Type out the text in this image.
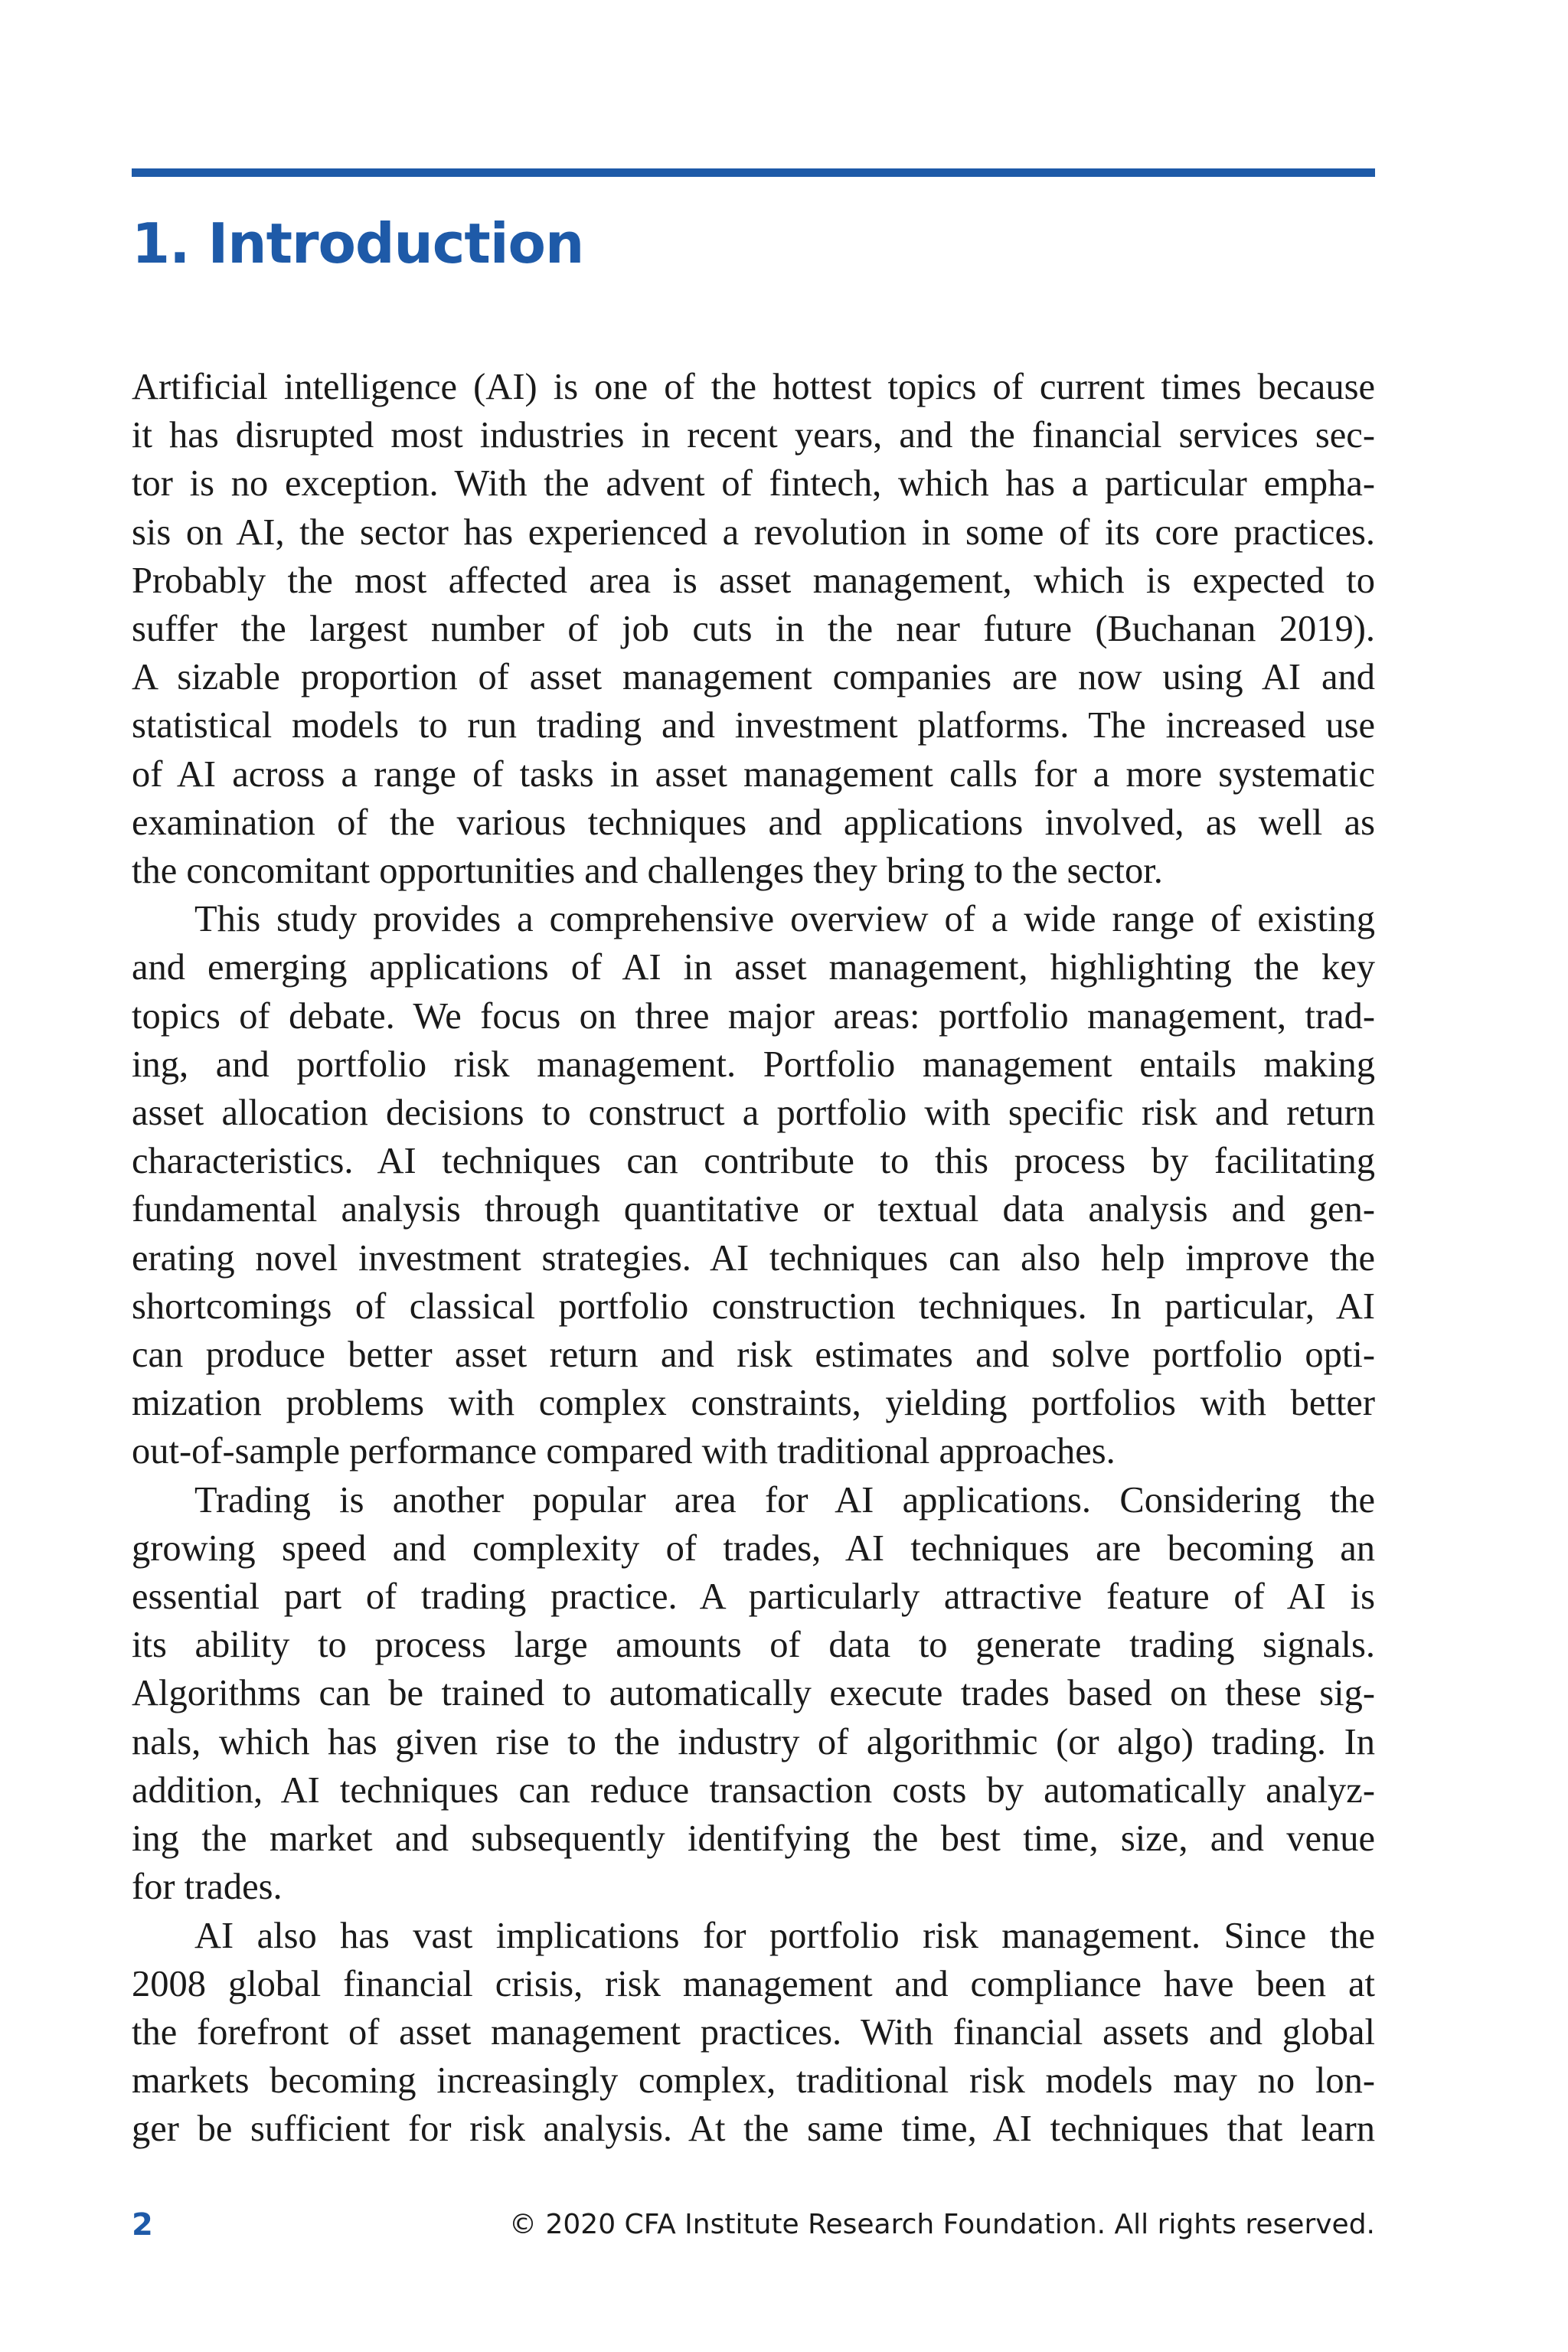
1. Introduction

Artificial intelligence (AI) is one of the hottest topics of current times because
it has disrupted most industries in recent years, and the financial services sec-
tor is no exception. With the advent of fintech, which has a particular empha-
sis on AI, the sector has experienced a revolution in some of its core practices.
Probably the most affected area is asset management, which is expected to
suffer the largest number of job cuts in the near future (Buchanan 2019).
A sizable proportion of asset management companies are now using AI and
statistical models to run trading and investment platforms. The increased use
of AI across a range of tasks in asset management calls for a more systematic
examination of the various techniques and applications involved, as well as
the concomitant opportunities and challenges they bring to the sector.

This study provides a comprehensive overview of a wide range of existing
and emerging applications of AI in asset management, highlighting the key
topics of debate. We focus on three major areas: portfolio management, trad-
ing, and portfolio risk management. Portfolio management entails making
asset allocation decisions to construct a portfolio with specific risk and return
characteristics. AI techniques can contribute to this process by facilitating
fundamental analysis through quantitative or textual data analysis and gen-
erating novel investment strategies. AI techniques can also help improve the
shortcomings of classical portfolio construction techniques. In particular, AI
can produce better asset return and risk estimates and solve portfolio opti-
mization problems with complex constraints, yielding portfolios with better
out-of-sample performance compared with traditional approaches.

Trading is another popular area for AI applications. Considering the
growing speed and complexity of trades, AI techniques are becoming an
essential part of trading practice. A particularly attractive feature of AI is
its ability to process large amounts of data to generate trading signals.
Algorithms can be trained to automatically execute trades based on these sig-
nals, which has given rise to the industry of algorithmic (or algo) trading. In
addition, AI techniques can reduce transaction costs by automatically analyz-
ing the market and subsequently identifying the best time, size, and venue
for trades.

AI also has vast implications for portfolio risk management. Since the
2008 global financial crisis, risk management and compliance have been at
the forefront of asset management practices. With financial assets and global
markets becoming increasingly complex, traditional risk models may no lon-
ger be sufficient for risk analysis. At the same time, AI techniques that learn

2	© 2020 CFA Institute Research Foundation. All rights reserved.
